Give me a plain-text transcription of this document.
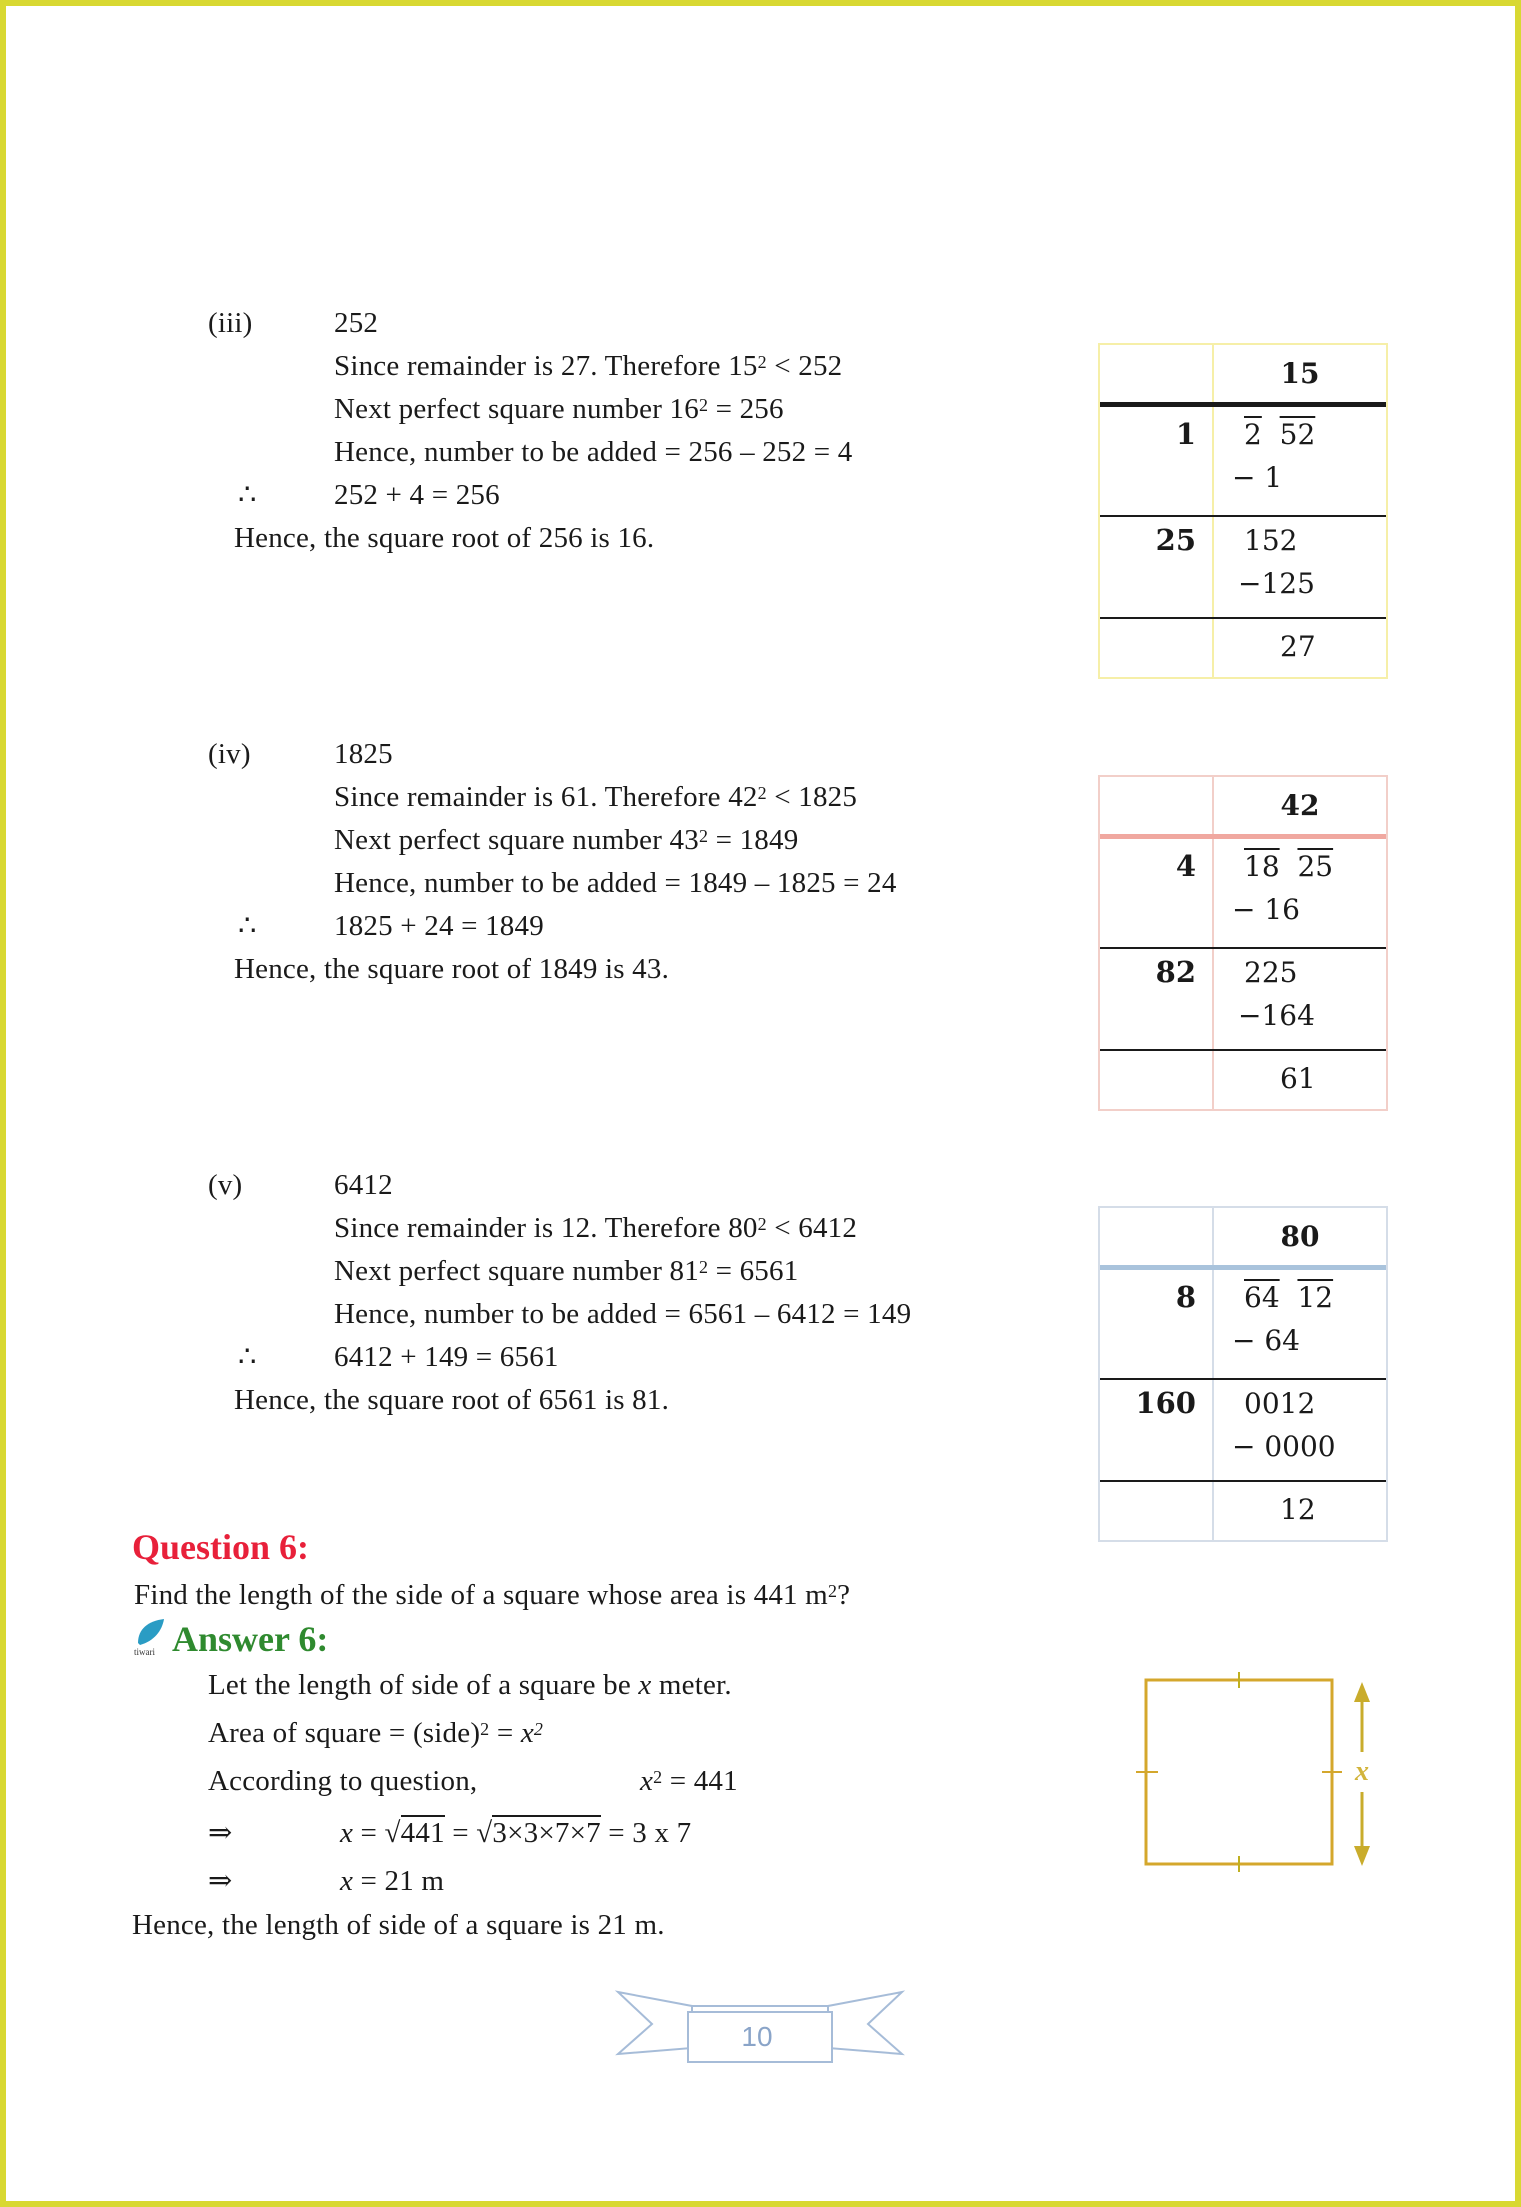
(iii)	252
Since remainder is 27. Therefore $15^2 < 252$
Next perfect square number $16^2 = 256$
Hence, number to be added = 256 – 252 = 4
∴	252 + 4 = 256
Hence, the square root of 256 is 16.
15
1	2 52
− 1
25	152
−125
27
(iv)	1825
Since remainder is 61. Therefore $42^2 < 1825$
Next perfect square number $43^2 = 1849$
Hence, number to be added = 1849 – 1825 = 24
∴	1825 + 24 = 1849
Hence, the square root of 1849 is 43.
42
4	18 25
− 16
82	225
−164
61
(v)	6412
Since remainder is 12. Therefore $80^2 < 6412$
Next perfect square number $81^2 = 6561$
Hence, number to be added = 6561 – 6412 = 149
∴	6412 + 149 = 6561
Hence, the square root of 6561 is 81.
80
8	64 12
− 64
160	0012
− 0000
12
Question 6:
Find the length of the side of a square whose area is 441 $m^2$?
tiwari Answer 6:
Let the length of side of a square be x meter.
Area of square = (side)$^2$ = $x^2$
According to question,	$x^2 = 441$
⇒	x = √441 = √3×3×7×7 = 3 x 7
⇒	x = 21 m
Hence, the length of side of a square is 21 m.
x
10
